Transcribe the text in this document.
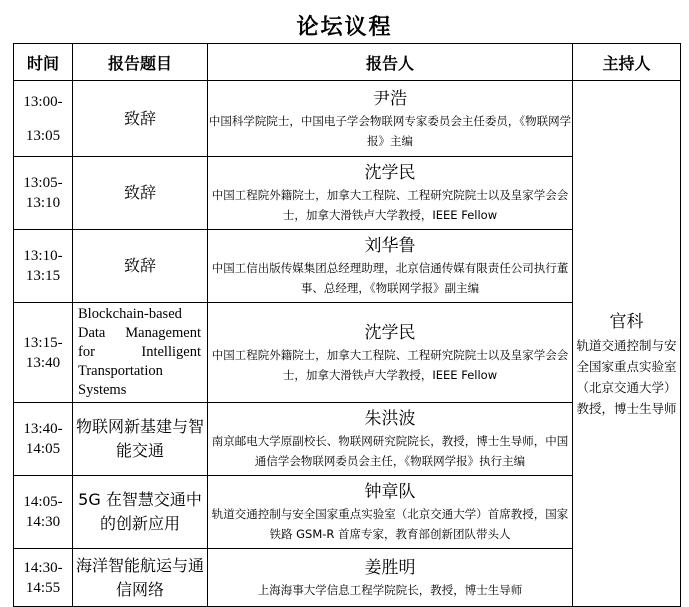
论坛议程
时间	报告题目	报告人	主持人

13:00-
13:05	致辞	尹浩
中国科学院院士，中国电子学会物联网专家委员会主任委员，《物联网学报》主编	官科
轨道交通控制与安全国家重点实验室（北京交通大学）教授，博士生导师

13:05-
13:10	致辞	沈学民
中国工程院外籍院士，加拿大工程院、工程研究院院士以及皇家学会会士，加拿大滑铁卢大学教授，IEEE Fellow	

13:10-
13:15	致辞	刘华鲁
中国工信出版传媒集团总经理助理，北京信通传媒有限责任公司执行董事、总经理，《物联网学报》副主编	

13:15-
13:40	Blockchain-based Data Management for Intelligent Transportation Systems	沈学民
中国工程院外籍院士，加拿大工程院、工程研究院院士以及皇家学会会士，加拿大滑铁卢大学教授，IEEE Fellow	

13:40-
14:05	物联网新基建与智能交通	朱洪波
南京邮电大学原副校长、物联网研究院院长，教授，博士生导师，中国通信学会物联网委员会主任，《物联网学报》执行主编	

14:05-
14:30	5G 在智慧交通中的创新应用	钟章队
轨道交通控制与安全国家重点实验室（北京交通大学）首席教授，国家铁路 GSM-R 首席专家，教育部创新团队带头人	

14:30-
14:55	海洋智能航运与通信网络	姜胜明
上海海事大学信息工程学院院长，教授，博士生导师	
